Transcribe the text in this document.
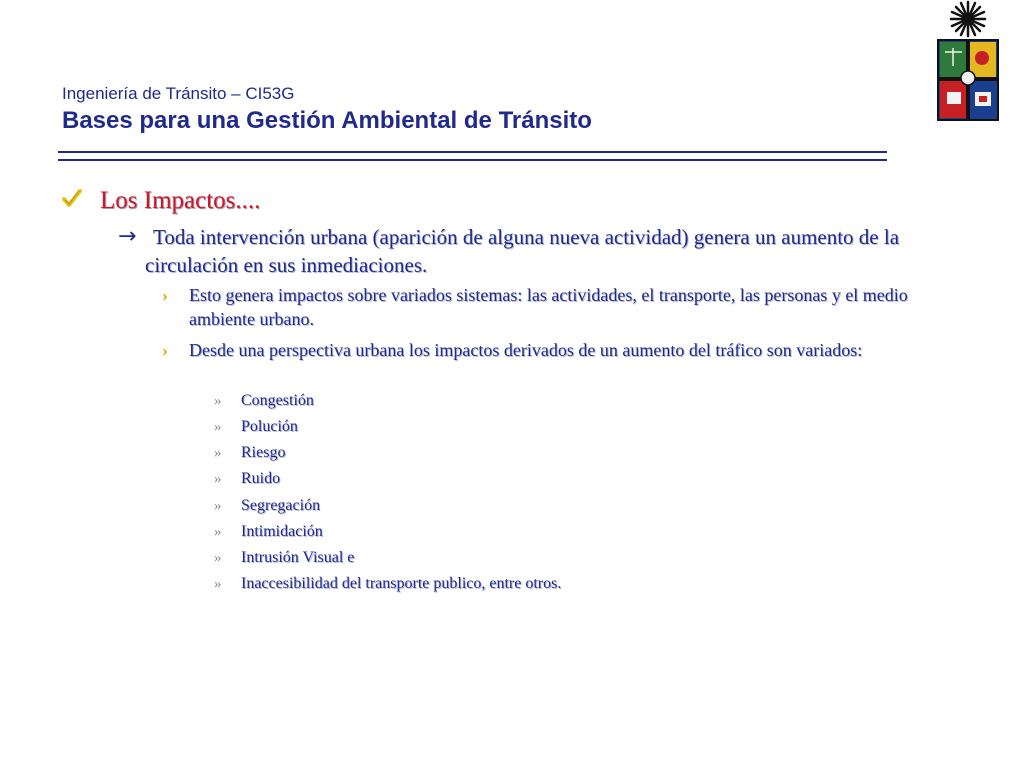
Ingeniería de Tránsito – CI53G
Bases para una Gestión Ambiental de Tránsito
Los Impactos....
→ Toda intervención urbana (aparición de alguna nueva actividad) genera un aumento de la circulación en sus inmediaciones.
› Esto genera impactos sobre variados sistemas: las actividades, el transporte, las personas y el medio ambiente urbano.
› Desde una perspectiva urbana los impactos derivados de un aumento del tráfico son variados:
» Congestión
» Polución
» Riesgo
» Ruido
» Segregación
» Intimidación
» Intrusión Visual e
» Inaccesibilidad del transporte publico, entre otros.
